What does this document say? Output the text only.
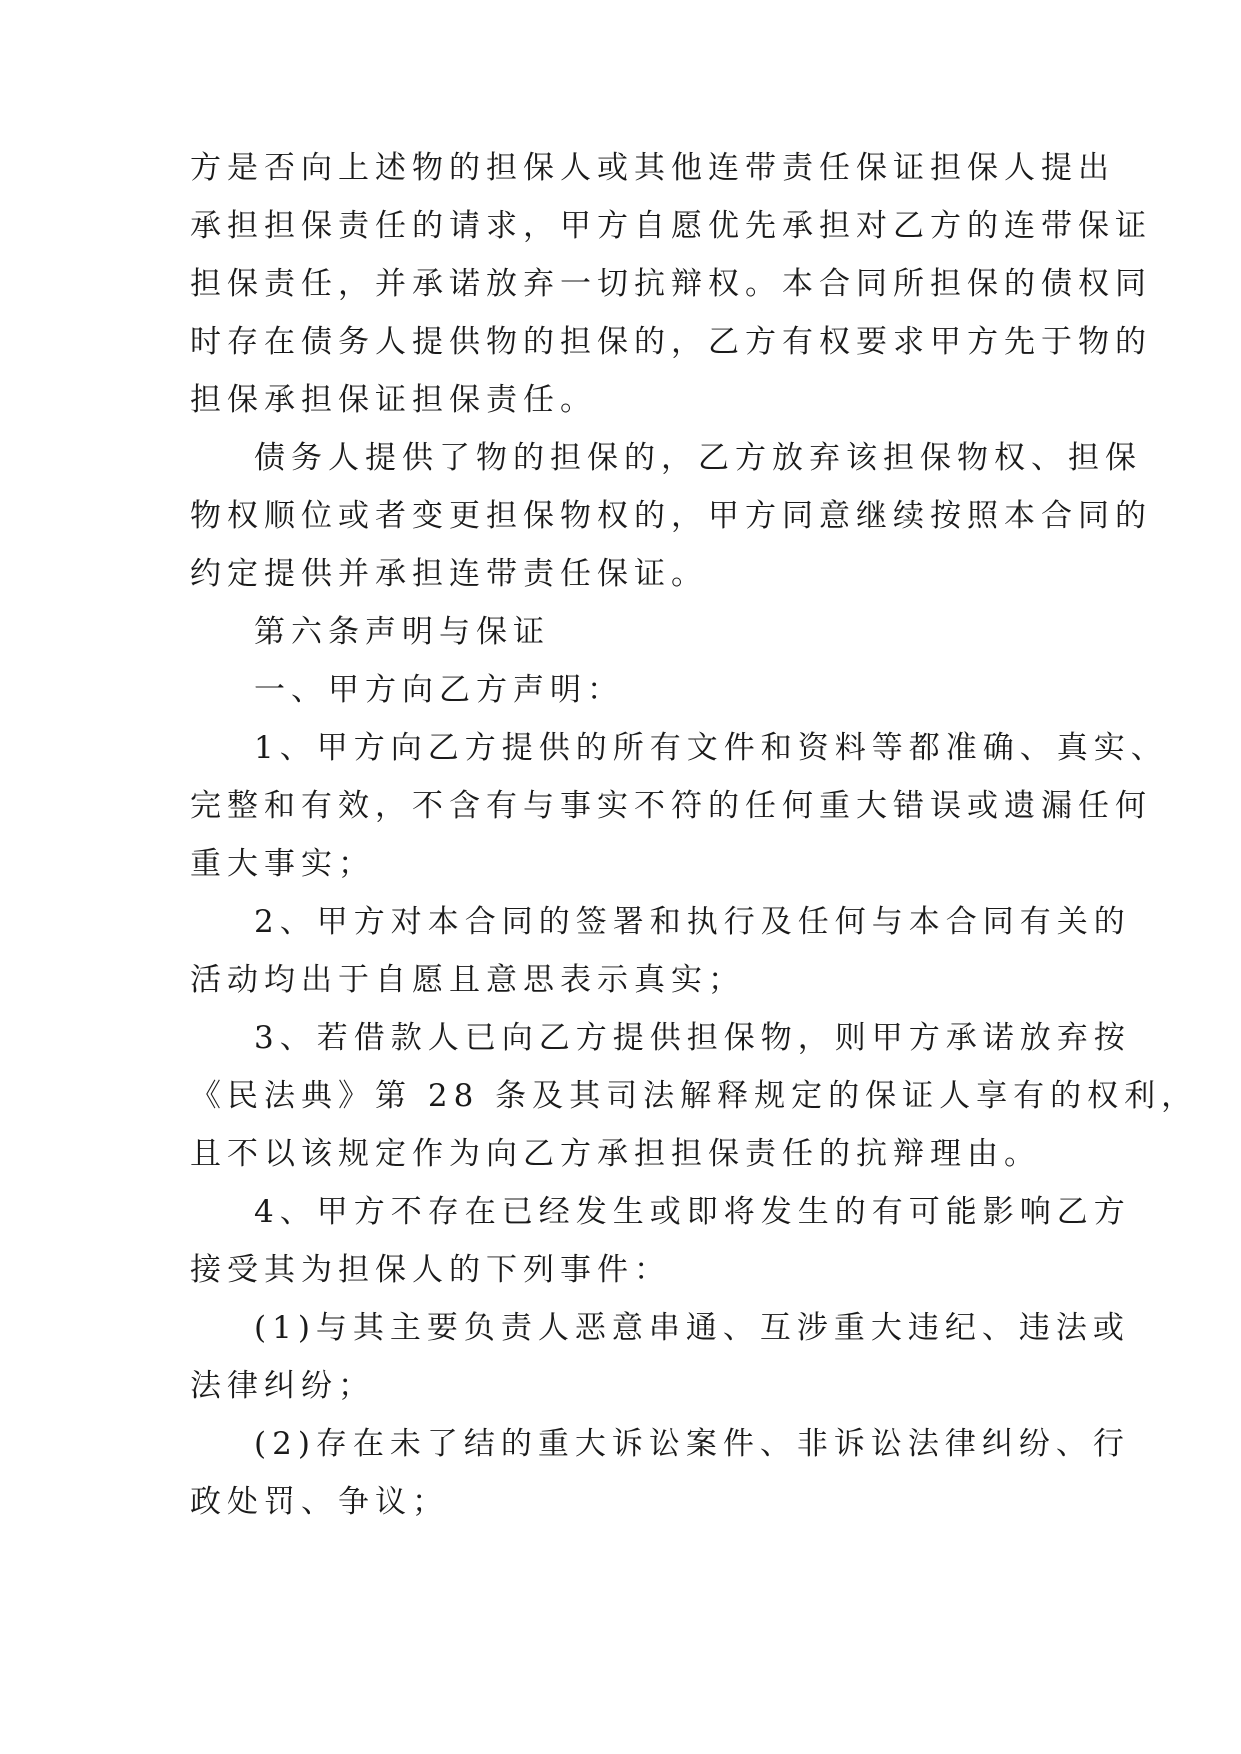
方是否向上述物的担保人或其他连带责任保证担保人提出
承担担保责任的请求，甲方自愿优先承担对乙方的连带保证
担保责任，并承诺放弃一切抗辩权。本合同所担保的债权同
时存在债务人提供物的担保的，乙方有权要求甲方先于物的
担保承担保证担保责任。
债务人提供了物的担保的，乙方放弃该担保物权、担保
物权顺位或者变更担保物权的，甲方同意继续按照本合同的
约定提供并承担连带责任保证。
第六条声明与保证
一、甲方向乙方声明：
1、甲方向乙方提供的所有文件和资料等都准确、真实、
完整和有效，不含有与事实不符的任何重大错误或遗漏任何
重大事实；
2、甲方对本合同的签署和执行及任何与本合同有关的
活动均出于自愿且意思表示真实；
3、若借款人已向乙方提供担保物，则甲方承诺放弃按
《民法典》第 28 条及其司法解释规定的保证人享有的权利，
且不以该规定作为向乙方承担担保责任的抗辩理由。
4、甲方不存在已经发生或即将发生的有可能影响乙方
接受其为担保人的下列事件：
(1)与其主要负责人恶意串通、互涉重大违纪、违法或
法律纠纷；
(2)存在未了结的重大诉讼案件、非诉讼法律纠纷、行
政处罚、争议；
